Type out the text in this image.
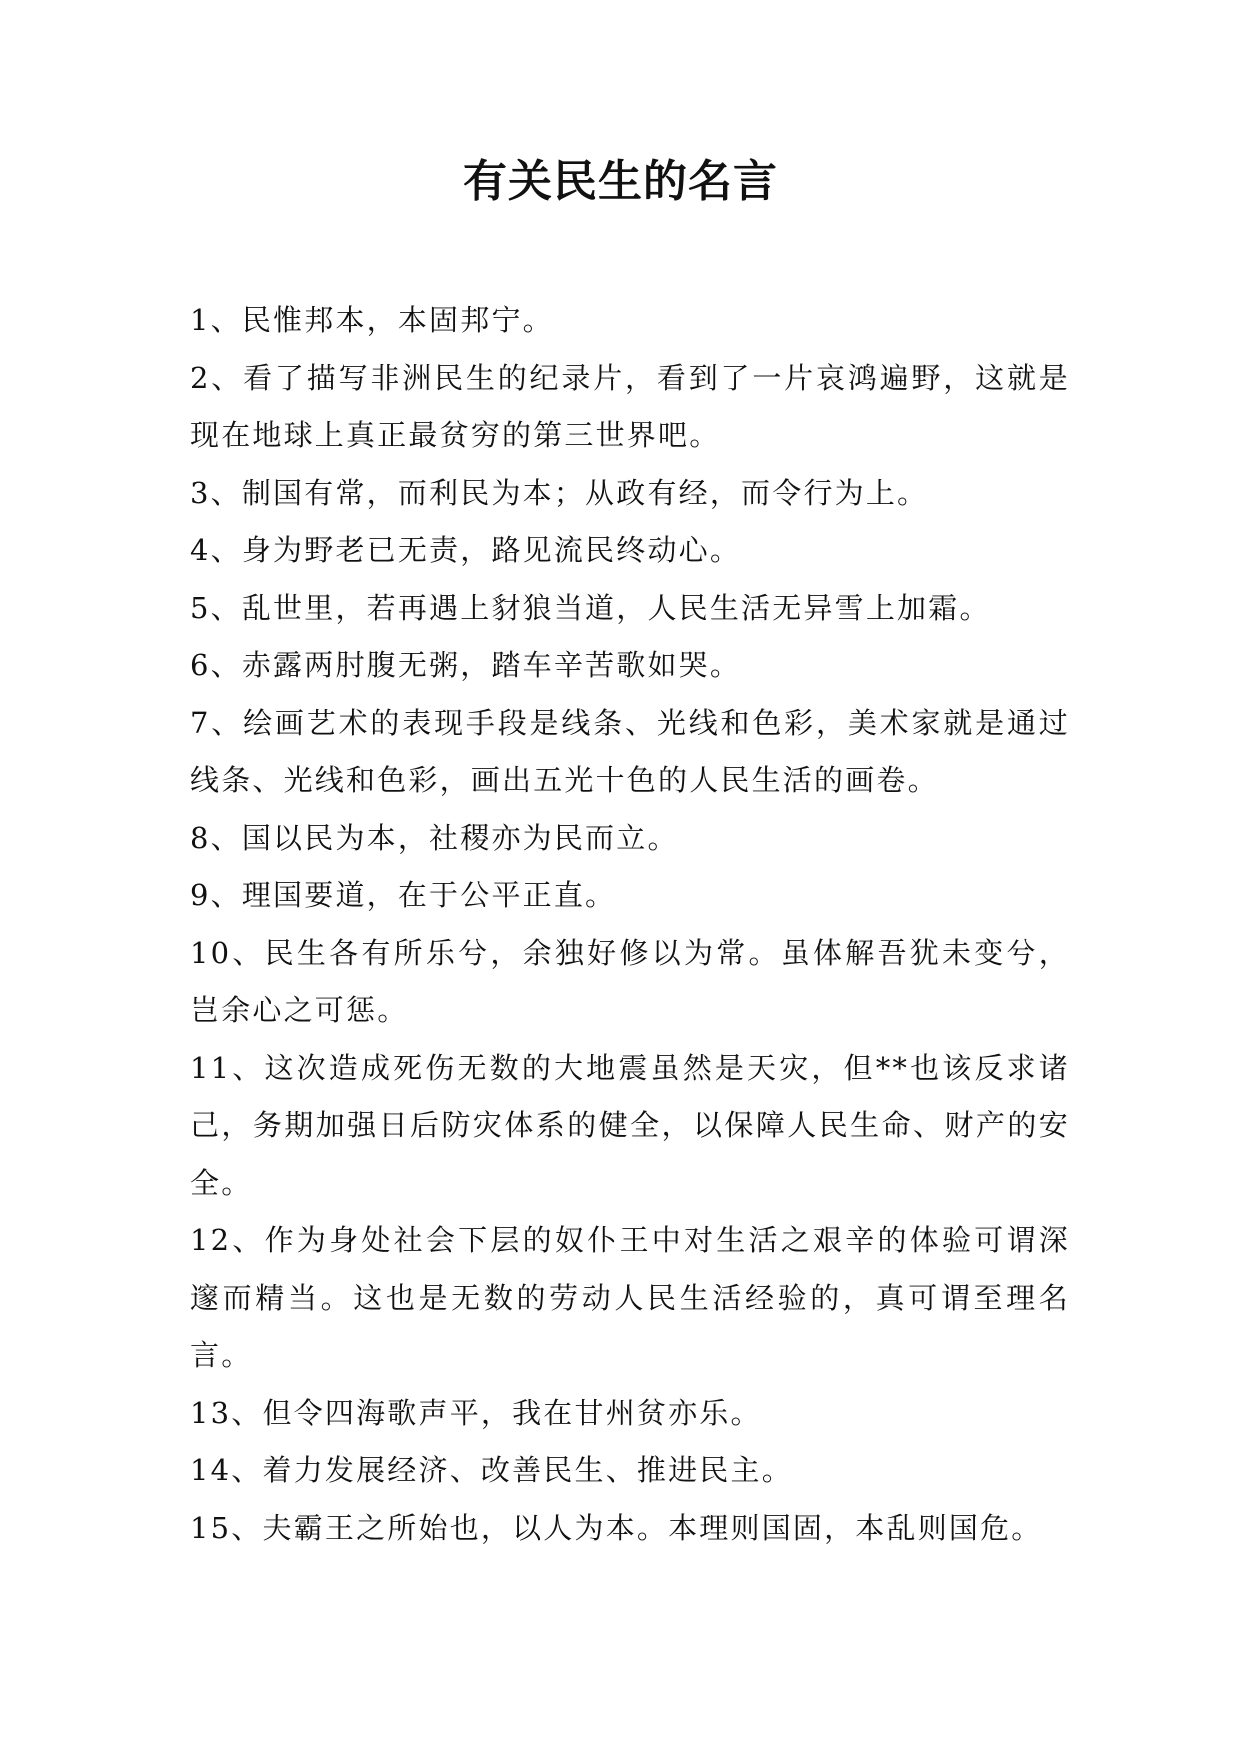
有关民生的名言
1、民惟邦本，本固邦宁。
2、看了描写非洲民生的纪录片，看到了一片哀鸿遍野，这就是现在地球上真正最贫穷的第三世界吧。
3、制国有常，而利民为本；从政有经，而令行为上。
4、身为野老已无责，路见流民终动心。
5、乱世里，若再遇上豺狼当道，人民生活无异雪上加霜。
6、赤露两肘腹无粥，踏车辛苦歌如哭。
7、绘画艺术的表现手段是线条、光线和色彩，美术家就是通过线条、光线和色彩，画出五光十色的人民生活的画卷。
8、国以民为本，社稷亦为民而立。
9、理国要道，在于公平正直。
10、民生各有所乐兮，余独好修以为常。虽体解吾犹未变兮，岂余心之可惩。
11、这次造成死伤无数的大地震虽然是天灾，但**也该反求诸己，务期加强日后防灾体系的健全，以保障人民生命、财产的安全。
12、作为身处社会下层的奴仆王中对生活之艰辛的体验可谓深邃而精当。这也是无数的劳动人民生活经验的，真可谓至理名言。
13、但令四海歌声平，我在甘州贫亦乐。
14、着力发展经济、改善民生、推进民主。
15、夫霸王之所始也，以人为本。本理则国固，本乱则国危。
